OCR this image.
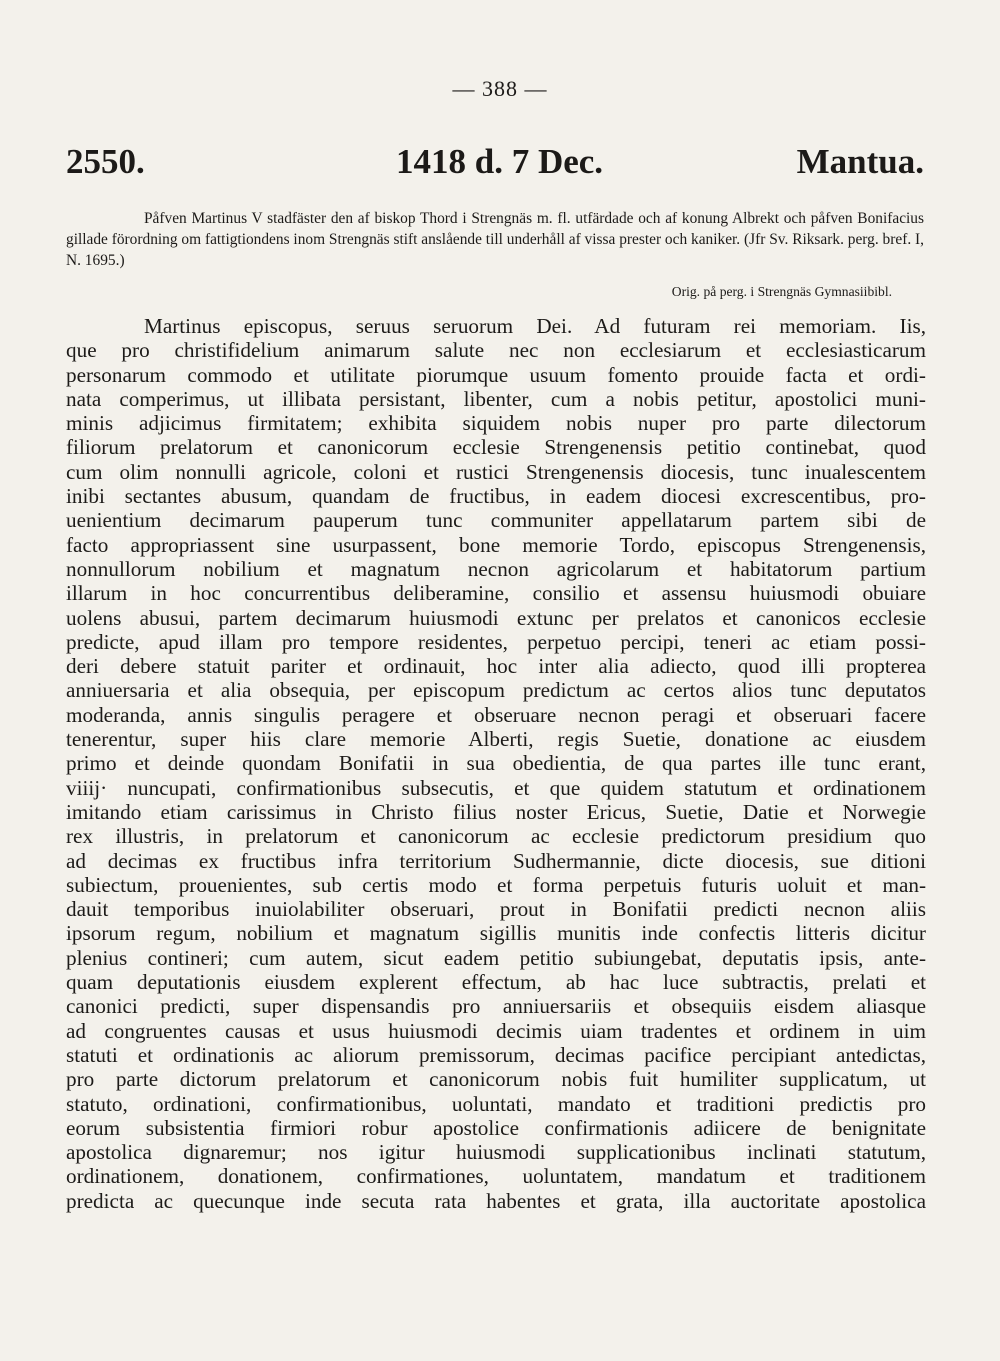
— 388 —
2550.	1418 d. 7 Dec.	Mantua.
Påfven Martinus V stadfäster den af biskop Thord i Strengnäs m. fl. utfärdade och af konung Albrekt och påfven Bonifacius gillade förordning om fattigtiondens inom Strengnäs stift anslående till underhåll af vissa prester och kaniker. (Jfr Sv. Riksark. perg. bref. I, N. 1695.)
Orig. på perg. i Strengnäs Gymnasiibibl.
Martinus episcopus, seruus seruorum Dei. Ad futuram rei memoriam. Iis,
que pro christifidelium animarum salute nec non ecclesiarum et ecclesiasticarum
personarum commodo et utilitate piorumque usuum fomento prouide facta et ordi-
nata comperimus, ut illibata persistant, libenter, cum a nobis petitur, apostolici muni-
minis adjicimus firmitatem; exhibita siquidem nobis nuper pro parte dilectorum
filiorum prelatorum et canonicorum ecclesie Strengenensis petitio continebat, quod
cum olim nonnulli agricole, coloni et rustici Strengenensis diocesis, tunc inualescentem
inibi sectantes abusum, quandam de fructibus, in eadem diocesi excrescentibus, pro-
uenientium decimarum pauperum tunc communiter appellatarum partem sibi de
facto appropriassent sine usurpassent, bone memorie Tordo, episcopus Strengenensis,
nonnullorum nobilium et magnatum necnon agricolarum et habitatorum partium
illarum in hoc concurrentibus deliberamine, consilio et assensu huiusmodi obuiare
uolens abusui, partem decimarum huiusmodi extunc per prelatos et canonicos ecclesie
predicte, apud illam pro tempore residentes, perpetuo percipi, teneri ac etiam possi-
deri debere statuit pariter et ordinauit, hoc inter alia adiecto, quod illi propterea
anniuersaria et alia obsequia, per episcopum predictum ac certos alios tunc deputatos
moderanda, annis singulis peragere et obseruare necnon peragi et obseruari facere
tenerentur, super hiis clare memorie Alberti, regis Suetie, donatione ac eiusdem
primo et deinde quondam Bonifatii in sua obedientia, de qua partes ille tunc erant,
viiij· nuncupati, confirmationibus subsecutis, et que quidem statutum et ordinationem
imitando etiam carissimus in Christo filius noster Ericus, Suetie, Datie et Norwegie
rex illustris, in prelatorum et canonicorum ac ecclesie predictorum presidium quo
ad decimas ex fructibus infra territorium Sudhermannie, dicte diocesis, sue ditioni
subiectum, prouenientes, sub certis modo et forma perpetuis futuris uoluit et man-
dauit temporibus inuiolabiliter obseruari, prout in Bonifatii predicti necnon aliis
ipsorum regum, nobilium et magnatum sigillis munitis inde confectis litteris dicitur
plenius contineri; cum autem, sicut eadem petitio subiungebat, deputatis ipsis, ante-
quam deputationis eiusdem explerent effectum, ab hac luce subtractis, prelati et
canonici predicti, super dispensandis pro anniuersariis et obsequiis eisdem aliasque
ad congruentes causas et usus huiusmodi decimis uiam tradentes et ordinem in uim
statuti et ordinationis ac aliorum premissorum, decimas pacifice percipiant antedictas,
pro parte dictorum prelatorum et canonicorum nobis fuit humiliter supplicatum, ut
statuto, ordinationi, confirmationibus, uoluntati, mandato et traditioni predictis pro
eorum subsistentia firmiori robur apostolice confirmationis adiicere de benignitate
apostolica dignaremur; nos igitur huiusmodi supplicationibus inclinati statutum,
ordinationem, donationem, confirmationes, uoluntatem, mandatum et traditionem
predicta ac quecunque inde secuta rata habentes et grata, illa auctoritate apostolica
